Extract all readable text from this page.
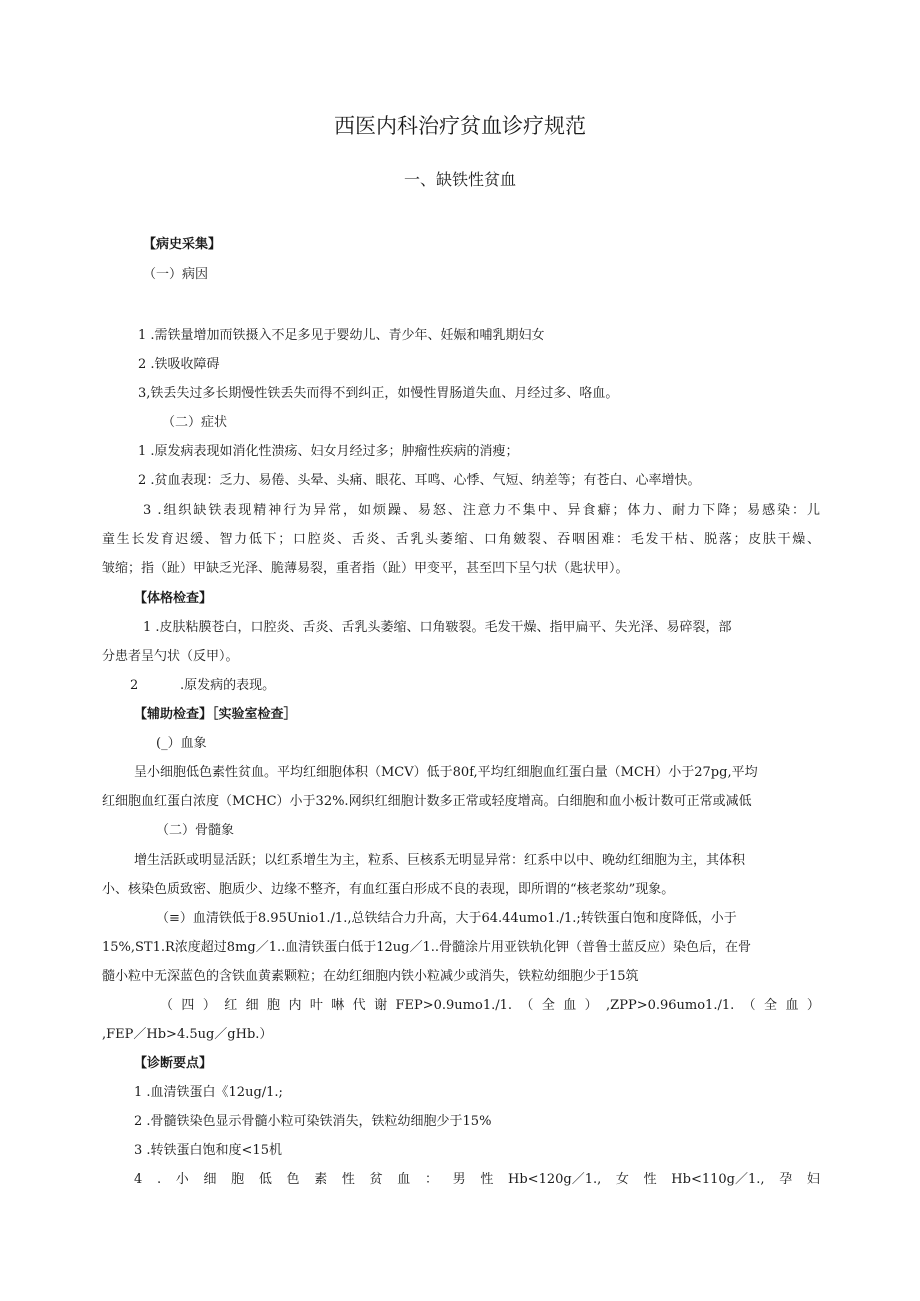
西医内科治疗贫血诊疗规范
一、缺铁性贫血
【病史采集】
（一）病因
1 .需铁量增加而铁摄入不足多见于婴幼儿、青少年、妊娠和哺乳期妇女
2 .铁吸收障碍
3,铁丢失过多长期慢性铁丢失而得不到纠正，如慢性胃肠道失血、月经过多、咯血。
（二）症状
1 .原发病表现如消化性溃疡、妇女月经过多；肿瘤性疾病的消瘦；
2 .贫血表现：乏力、易倦、头晕、头痛、眼花、耳鸣、心悸、气短、纳差等；有苍白、心率增快。
3 .组织缺铁表现精神行为异常，如烦躁、易怒、注意力不集中、异食癖；体力、耐力下降；易感染：儿
童生长发育迟缓、智力低下；口腔炎、舌炎、舌乳头萎缩、口角皴裂、吞咽困难：毛发干枯、脱落；皮肤干燥、
皱缩；指（趾）甲缺乏光泽、脆薄易裂，重者指（趾）甲变平，甚至凹下呈勺状（匙状甲）。
【体格检查】
1 .皮肤粘膜苍白，口腔炎、舌炎、舌乳头萎缩、口角皲裂。毛发干燥、指甲扁平、失光泽、易碎裂，部
分患者呈勺状（反甲）。
2	.原发病的表现。
【辅助检查】［实验室检查］
(_）血象
呈小细胞低色素性贫血。平均红细胞体积（MCV）低于80f,平均红细胞血红蛋白量（MCH）小于27pg,平均
红细胞血红蛋白浓度（MCHC）小于32%.网织红细胞计数多正常或轻度增高。白细胞和血小板计数可正常或减低
（二）骨髓象
增生活跃或明显活跃；以红系增生为主，粒系、巨核系无明显异常：红系中以中、晚幼红细胞为主，其体积
小、核染色质致密、胞质少、边缘不整齐，有血红蛋白形成不良的表现，即所谓的“核老浆幼”现象。
（≡）血清铁低于8.95Unio1./1.,总铁结合力升高，大于64.44umo1./1.;转铁蛋白饱和度降低，小于
15%,ST1.R浓度超过8mg／1..血清铁蛋白低于12ug／1..骨髓涂片用亚铁轨化钾（普鲁士蓝反应）染色后，在骨
髓小粒中无深蓝色的含铁血黄素颗粒；在幼红细胞内铁小粒减少或消失，铁粒幼细胞少于15筑
（ 四 ） 红 细 胞 内 叶 啉 代 谢 FEP>0.9umo1./1. （ 全 血 ） ,ZPP>0.96umo1./1. （ 全 血 ）
,FEP／Hb>4.5ug／gHb.）
【诊断要点】
1 .血清铁蛋白《12ug/1.;
2 .骨髓铁染色显示骨髓小粒可染铁消失，铁粒幼细胞少于15%
3 .转铁蛋白饱和度<15机
4 . 小 细 胞 低 色 素 性 贫 血 ： 男 性 Hb<120g／1., 女 性 Hb<110g／1., 孕 妇
